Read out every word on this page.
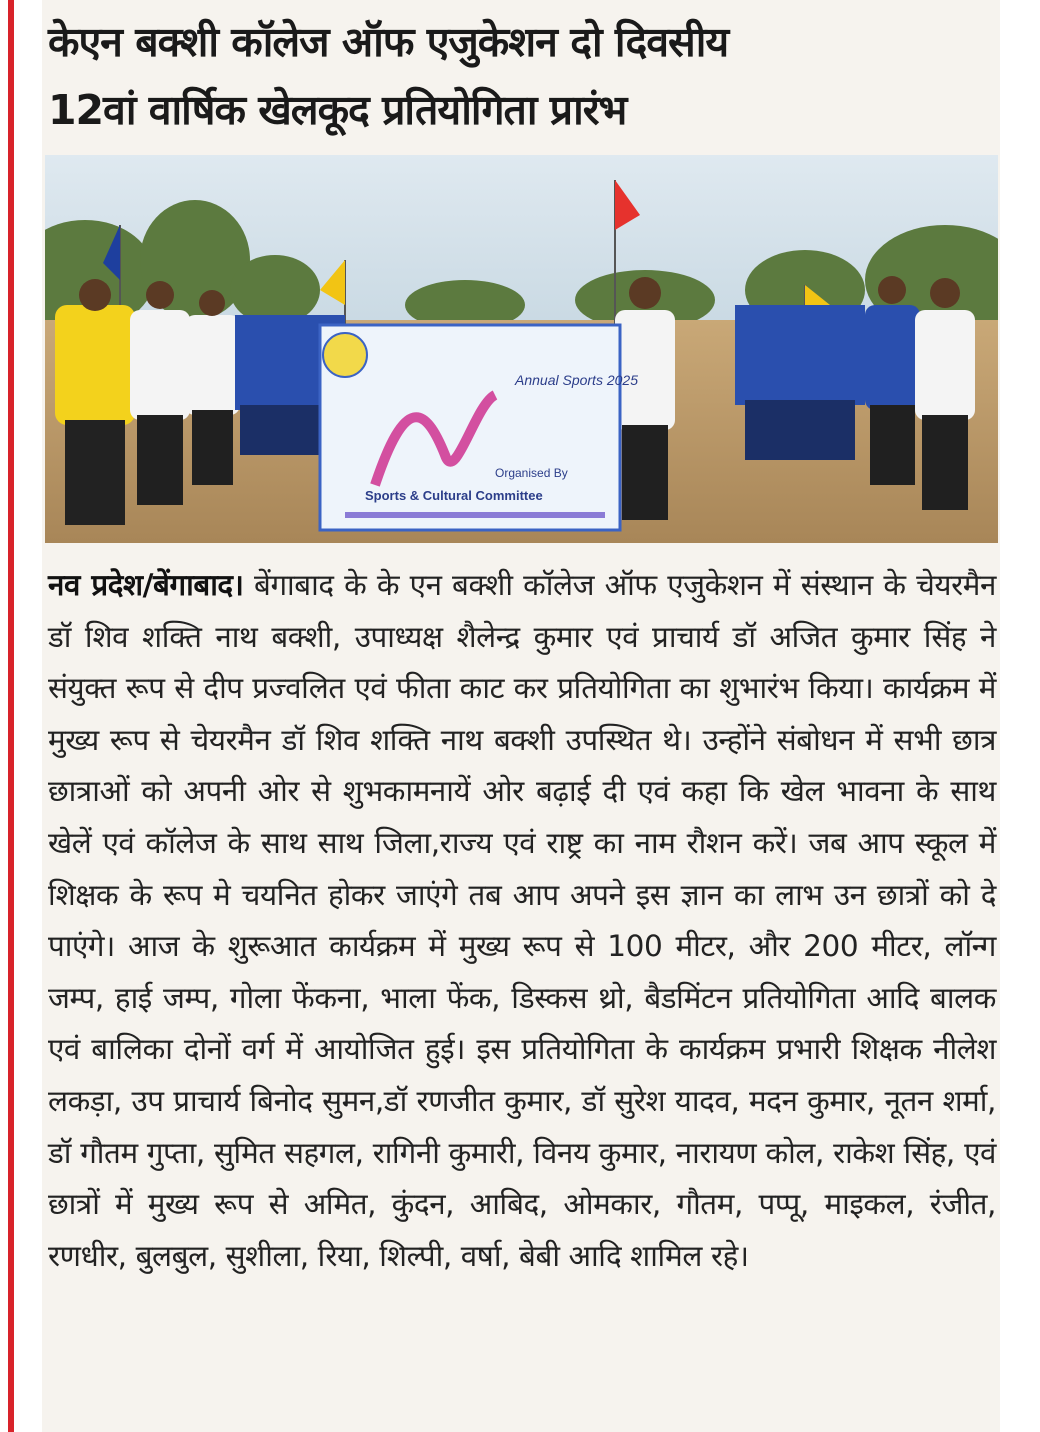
केएन बक्शी कॉलेज ऑफ एजुकेशन दो दिवसीय
12वां वार्षिक खेलकूद प्रतियोगिता प्रारंभ
Annual Sports 2025
Organised By
Sports & Cultural Committee

नव प्रदेश/बेंगाबाद। बेंगाबाद के के एन बक्शी कॉलेज ऑफ एजुकेशन में संस्थान के चेयरमैन डॉ शिव शक्ति नाथ बक्शी, उपाध्यक्ष शैलेन्द्र कुमार एवं प्राचार्य डॉ अजित कुमार सिंह ने संयुक्त रूप से दीप प्रज्वलित एवं फीता काट कर प्रतियोगिता का शुभारंभ किया। कार्यक्रम में मुख्य रूप से चेयरमैन डॉ शिव शक्ति नाथ बक्शी उपस्थित थे। उन्होंने संबोधन में सभी छात्र छात्राओं को अपनी ओर से शुभकामनायें ओर बढ़ाई दी एवं कहा कि खेल भावना के साथ खेलें एवं कॉलेज के साथ साथ जिला,राज्य एवं राष्ट्र का नाम रौशन करें। जब आप स्कूल में शिक्षक के रूप मे चयनित होकर जाएंगे तब आप अपने इस ज्ञान का लाभ उन छात्रों को दे पाएंगे। आज के शुरूआत कार्यक्रम में मुख्य रूप से 100 मीटर, और 200 मीटर, लॉन्ग जम्प, हाई जम्प, गोला फेंकना, भाला फेंक, डिस्कस थ्रो, बैडमिंटन प्रतियोगिता आदि बालक एवं बालिका दोनों वर्ग में आयोजित हुई। इस प्रतियोगिता के कार्यक्रम प्रभारी शिक्षक नीलेश लकड़ा, उप प्राचार्य बिनोद सुमन,डॉ रणजीत कुमार, डॉ सुरेश यादव, मदन कुमार, नूतन शर्मा, डॉ गौतम गुप्ता, सुमित सहगल, रागिनी कुमारी, विनय कुमार, नारायण कोल, राकेश सिंह, एवं छात्रों में मुख्य रूप से अमित, कुंदन, आबिद, ओमकार, गौतम, पप्पू, माइकल, रंजीत, रणधीर, बुलबुल, सुशीला, रिया, शिल्पी, वर्षा, बेबी आदि शामिल रहे।
